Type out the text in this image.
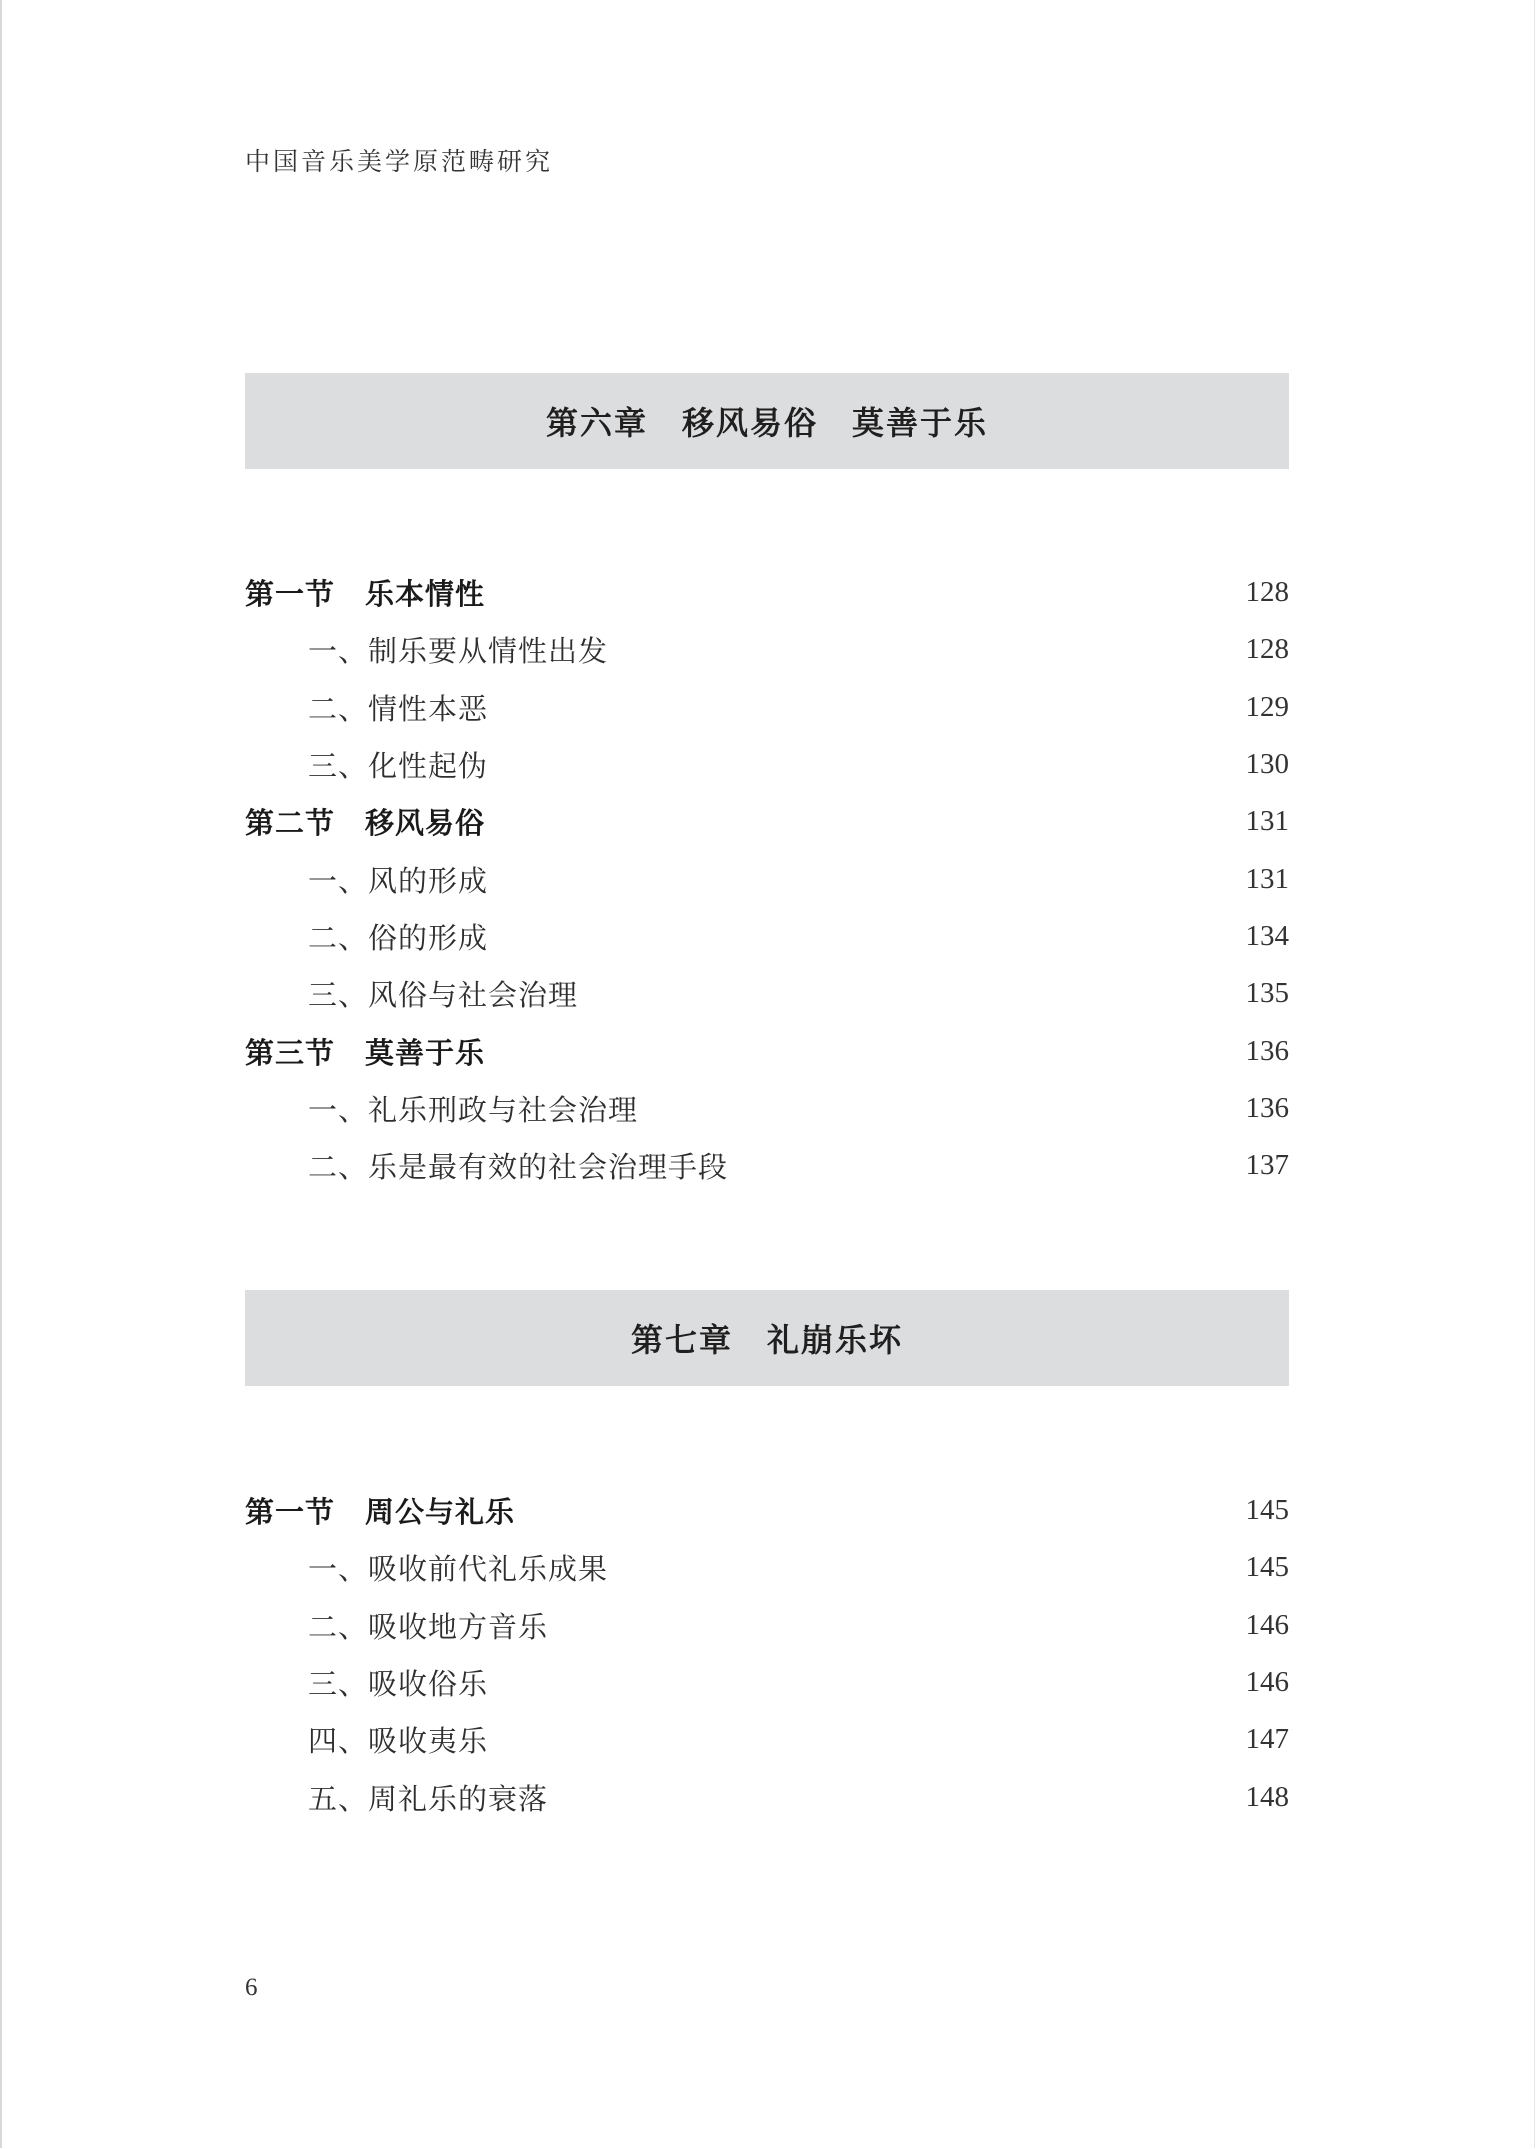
中国音乐美学原范畴研究
第六章　移风易俗　莫善于乐
第一节　乐本情性	128
一、制乐要从情性出发	128
二、情性本恶	129
三、化性起伪	130
第二节　移风易俗	131
一、风的形成	131
二、俗的形成	134
三、风俗与社会治理	135
第三节　莫善于乐	136
一、礼乐刑政与社会治理	136
二、乐是最有效的社会治理手段	137
第七章　礼崩乐坏
第一节　周公与礼乐	145
一、吸收前代礼乐成果	145
二、吸收地方音乐	146
三、吸收俗乐	146
四、吸收夷乐	147
五、周礼乐的衰落	148
6
